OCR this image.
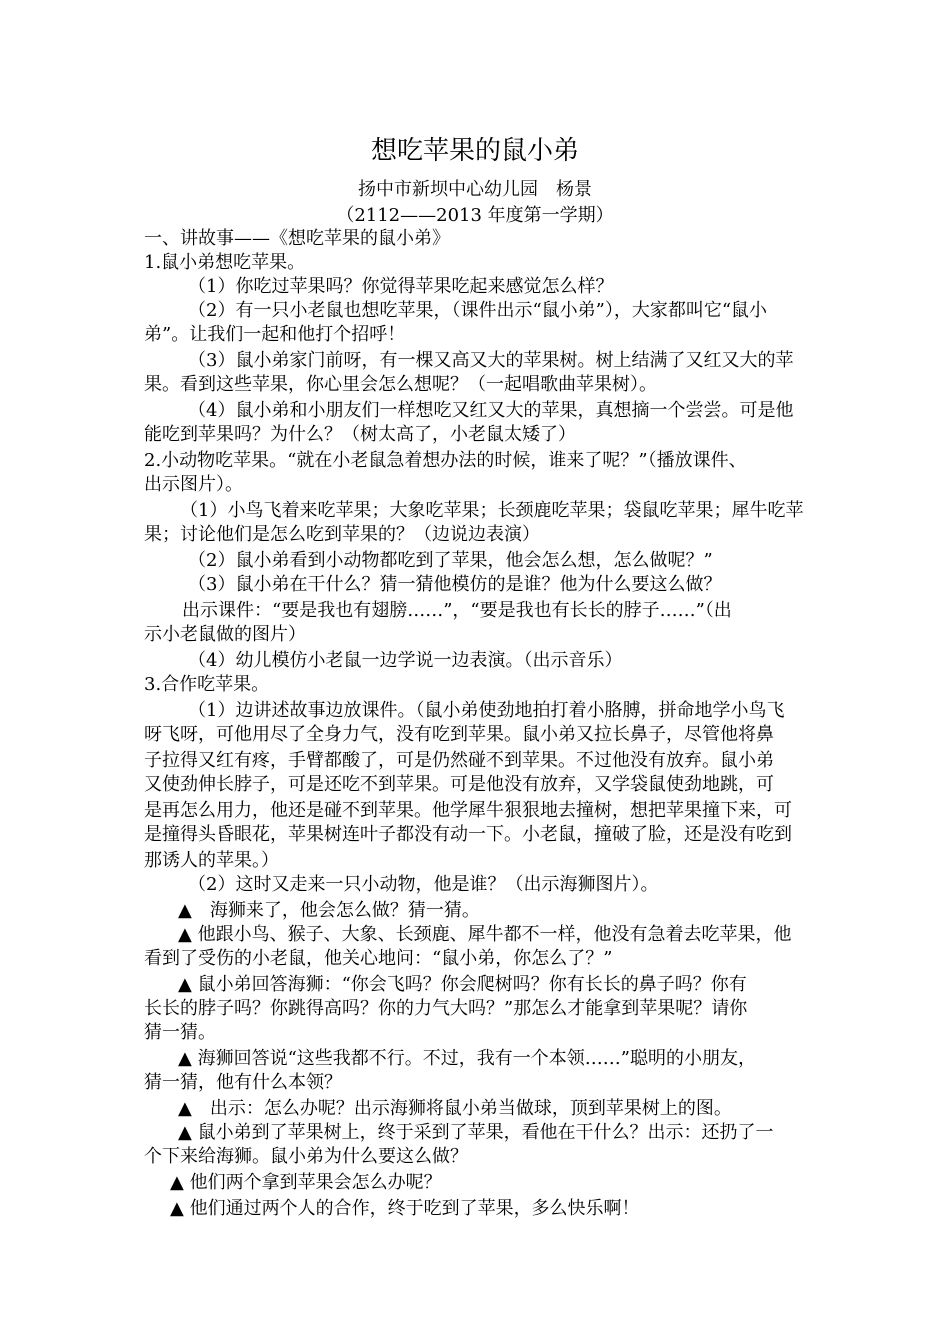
想吃苹果的鼠小弟
扬中市新坝中心幼儿园　杨景
（2112——2013 年度第一学期）
一、讲故事——《想吃苹果的鼠小弟》
1.鼠小弟想吃苹果。
（1）你吃过苹果吗？你觉得苹果吃起来感觉怎么样？
（2）有一只小老鼠也想吃苹果，（课件出示“鼠小弟”），大家都叫它“鼠小
弟”。让我们一起和他打个招呼！
（3）鼠小弟家门前呀，有一棵又高又大的苹果树。树上结满了又红又大的苹
果。看到这些苹果，你心里会怎么想呢？（一起唱歌曲苹果树）。
（4）鼠小弟和小朋友们一样想吃又红又大的苹果，真想摘一个尝尝。可是他
能吃到苹果吗？为什么？（树太高了，小老鼠太矮了）
2.小动物吃苹果。“就在小老鼠急着想办法的时候，谁来了呢？”（播放课件、
出示图片）。
（1）小鸟飞着来吃苹果；大象吃苹果；长颈鹿吃苹果；袋鼠吃苹果；犀牛吃苹
果；讨论他们是怎么吃到苹果的？（边说边表演）
（2）鼠小弟看到小动物都吃到了苹果，他会怎么想，怎么做呢？”
（3）鼠小弟在干什么？猜一猜他模仿的是谁？他为什么要这么做？
出示课件：“要是我也有翅膀……”，“要是我也有长长的脖子……”（出
示小老鼠做的图片）
（4）幼儿模仿小老鼠一边学说一边表演。（出示音乐）
3.合作吃苹果。
（1）边讲述故事边放课件。（鼠小弟使劲地拍打着小胳膊，拼命地学小鸟飞
呀飞呀，可他用尽了全身力气，没有吃到苹果。鼠小弟又拉长鼻子，尽管他将鼻
子拉得又红有疼，手臂都酸了，可是仍然碰不到苹果。不过他没有放弃。鼠小弟
又使劲伸长脖子，可是还吃不到苹果。可是他没有放弃，又学袋鼠使劲地跳，可
是再怎么用力，他还是碰不到苹果。他学犀牛狠狠地去撞树，想把苹果撞下来，可
是撞得头昏眼花，苹果树连叶子都没有动一下。小老鼠，撞破了脸，还是没有吃到
那诱人的苹果。）
（2）这时又走来一只小动物，他是谁？（出示海狮图片）。
▲　海狮来了，他会怎么做？猜一猜。
▲ 他跟小鸟、猴子、大象、长颈鹿、犀牛都不一样，他没有急着去吃苹果，他
看到了受伤的小老鼠，他关心地问：“鼠小弟，你怎么了？”
▲ 鼠小弟回答海狮：“你会飞吗？你会爬树吗？你有长长的鼻子吗？你有
长长的脖子吗？你跳得高吗？你的力气大吗？”那怎么才能拿到苹果呢？请你
猜一猜。
▲ 海狮回答说“这些我都不行。不过，我有一个本领……”聪明的小朋友，
猜一猜，他有什么本领？
▲　出示：怎么办呢？出示海狮将鼠小弟当做球，顶到苹果树上的图。
▲ 鼠小弟到了苹果树上，终于采到了苹果，看他在干什么？出示：还扔了一
个下来给海狮。鼠小弟为什么要这么做？
▲ 他们两个拿到苹果会怎么办呢？
▲ 他们通过两个人的合作，终于吃到了苹果，多么快乐啊！
